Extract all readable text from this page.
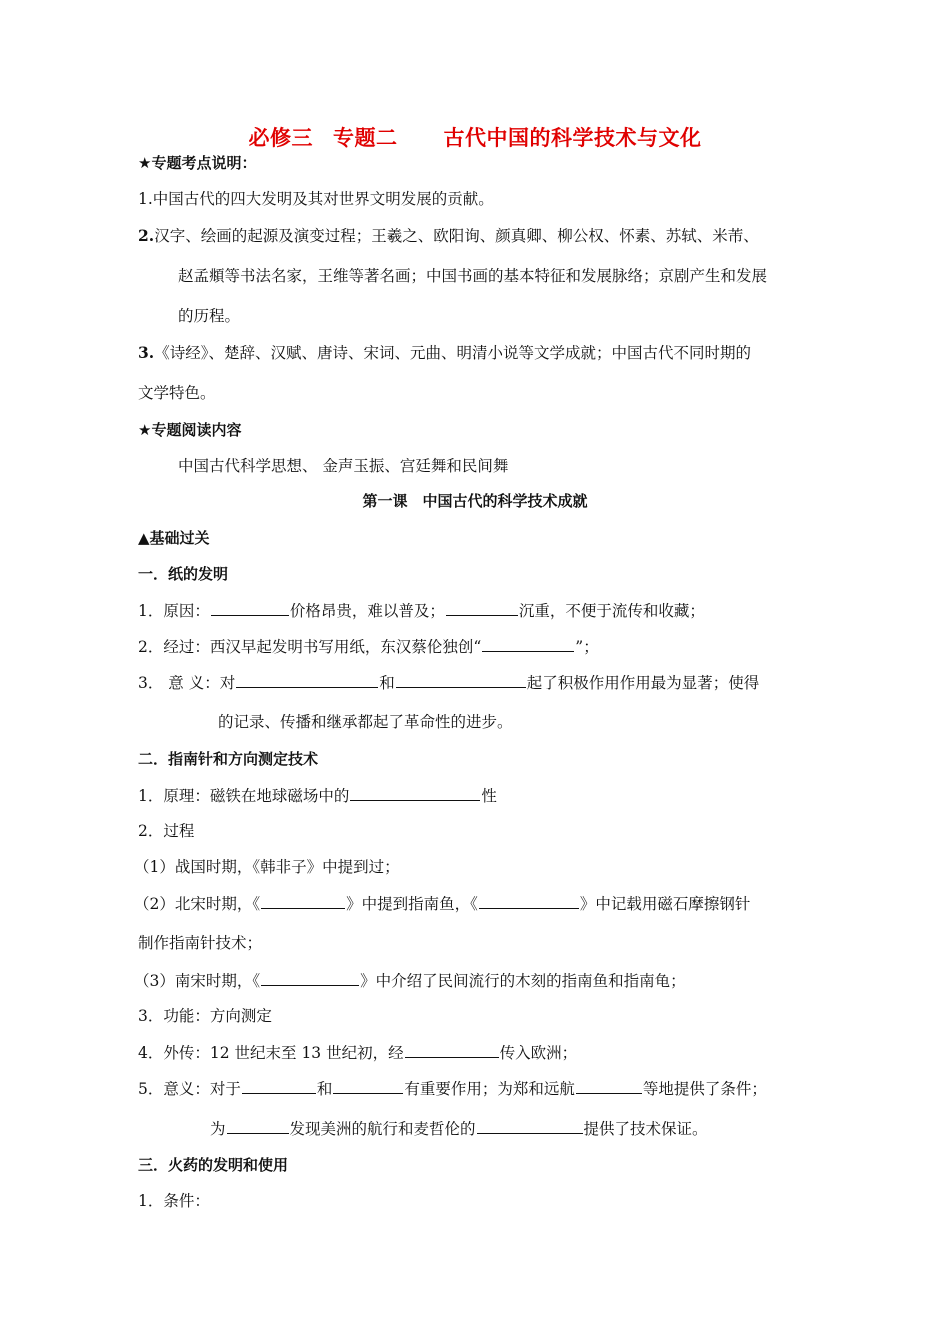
必修三 专题二 古代中国的科学技术与文化
★专题考点说明：
1.中国古代的四大发明及其对世界文明发展的贡献。
2.汉字、绘画的起源及演变过程；王羲之、欧阳询、颜真卿、柳公权、怀素、苏轼、米芾、
赵孟頫等书法名家，王维等著名画；中国书画的基本特征和发展脉络；京剧产生和发展
的历程。
3.《诗经》、楚辞、汉赋、唐诗、宋词、元曲、明清小说等文学成就；中国古代不同时期的
文学特色。
★专题阅读内容
中国古代科学思想、 金声玉振、宫廷舞和民间舞
第一课　中国古代的科学技术成就
▲基础过关
一．纸的发明
1．原因：	价格昂贵，难以普及；	沉重，不便于流传和收藏；
2．经过：西汉早起发明书写用纸，东汉蔡伦独创“	”；
3． 意 义：对	和	起了积极作用作用最为显著；使得
的记录、传播和继承都起了革命性的进步。
二．指南针和方向测定技术
1．原理：磁铁在地球磁场中的	性
2．过程
（1）战国时期，《韩非子》中提到过；
（2）北宋时期，《	》中提到指南鱼，《	》中记载用磁石摩擦钢针
制作指南针技术；
（3）南宋时期，《	》中介绍了民间流行的木刻的指南鱼和指南龟；
3．功能：方向测定
4．外传：12 世纪末至 13 世纪初，经	传入欧洲；
5．意义：对于	和	有重要作用；为郑和远航	等地提供了条件；
为	发现美洲的航行和麦哲伦的	提供了技术保证。
三．火药的发明和使用
1．条件：
